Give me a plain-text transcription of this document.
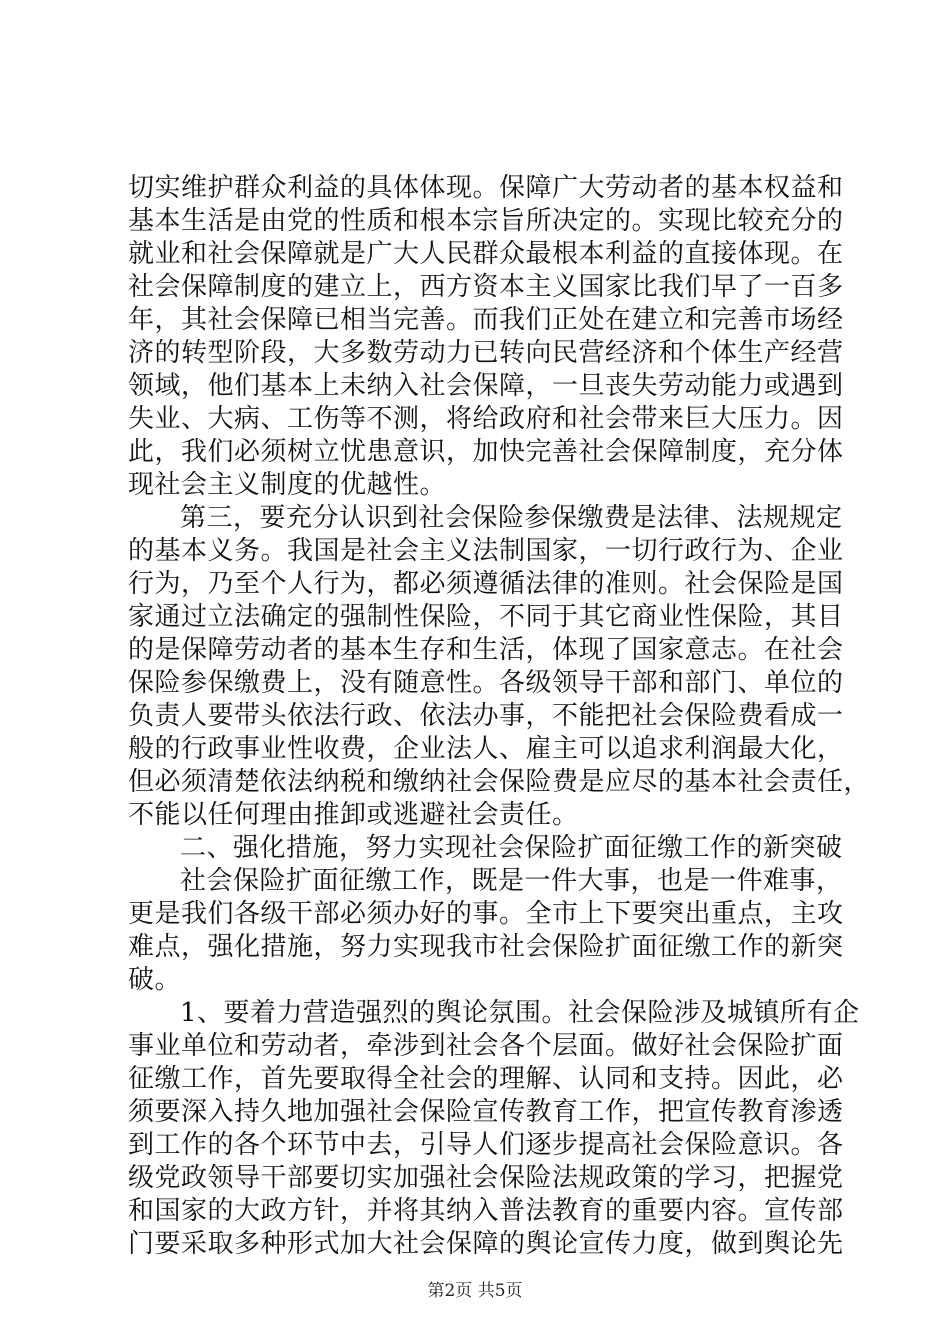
切实维护群众利益的具体体现。保障广大劳动者的基本权益和
基本生活是由党的性质和根本宗旨所决定的。实现比较充分的
就业和社会保障就是广大人民群众最根本利益的直接体现。在
社会保障制度的建立上，西方资本主义国家比我们早了一百多
年，其社会保障已相当完善。而我们正处在建立和完善市场经
济的转型阶段，大多数劳动力已转向民营经济和个体生产经营
领域，他们基本上未纳入社会保障，一旦丧失劳动能力或遇到
失业、大病、工伤等不测，将给政府和社会带来巨大压力。因
此，我们必须树立忧患意识，加快完善社会保障制度，充分体
现社会主义制度的优越性。
第三，要充分认识到社会保险参保缴费是法律、法规规定
的基本义务。我国是社会主义法制国家，一切行政行为、企业
行为，乃至个人行为，都必须遵循法律的准则。社会保险是国
家通过立法确定的强制性保险，不同于其它商业性保险，其目
的是保障劳动者的基本生存和生活，体现了国家意志。在社会
保险参保缴费上，没有随意性。各级领导干部和部门、单位的
负责人要带头依法行政、依法办事，不能把社会保险费看成一
般的行政事业性收费，企业法人、雇主可以追求利润最大化，
但必须清楚依法纳税和缴纳社会保险费是应尽的基本社会责任，
不能以任何理由推卸或逃避社会责任。
二、强化措施，努力实现社会保险扩面征缴工作的新突破
社会保险扩面征缴工作，既是一件大事，也是一件难事，
更是我们各级干部必须办好的事。全市上下要突出重点，主攻
难点，强化措施，努力实现我市社会保险扩面征缴工作的新突
破。
1、要着力营造强烈的舆论氛围。社会保险涉及城镇所有企
事业单位和劳动者，牵涉到社会各个层面。做好社会保险扩面
征缴工作，首先要取得全社会的理解、认同和支持。因此，必
须要深入持久地加强社会保险宣传教育工作，把宣传教育渗透
到工作的各个环节中去，引导人们逐步提高社会保险意识。各
级党政领导干部要切实加强社会保险法规政策的学习，把握党
和国家的大政方针，并将其纳入普法教育的重要内容。宣传部
门要采取多种形式加大社会保障的舆论宣传力度，做到舆论先
第2页 共5页
